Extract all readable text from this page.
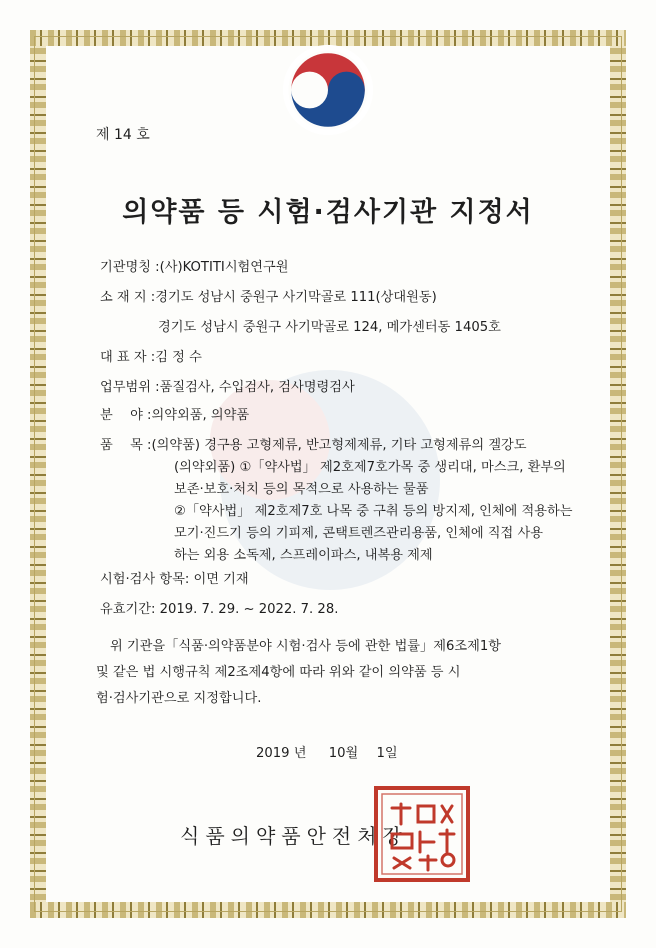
제 14 호
의약품 등 시험·검사기관 지정서
기관명칭 :(사)KOTITI시험연구원
소 재 지 :경기도 성남시 중원구 사기막골로 111(상대원동)
경기도 성남시 중원구 사기막골로 124, 메가센터동 1405호
대 표 자 :김 정 수
업무범위 :품질검사, 수입검사, 검사명령검사
분　 야 :의약외품, 의약품
품　 목 :(의약품) 경구용 고형제류, 반고형제제류, 기타 고형제류의 겔강도
(의약외품) ①「약사법」 제2호제7호가목 중 생리대, 마스크, 환부의
보존·보호·처치 등의 목적으로 사용하는 물품
②「약사법」 제2호제7호 나목 중 구취 등의 방지제, 인체에 적용하는
모기·진드기 등의 기피제, 콘택트렌즈관리용품, 인체에 직접 사용
하는 외용 소독제, 스프레이파스, 내복용 제제
시험·검사 항목: 이면 기재
유효기간: 2019. 7. 29. ~ 2022. 7. 28.

위 기관을「식품·의약품분야 시험·검사 등에 관한 법률」제6조제1항

및 같은 법 시행규칙 제2조제4항에 따라 위와 같이 의약품 등 시

험·검사기관으로 지정합니다.

2019 년 10월 1일
식품의약품안전처장
